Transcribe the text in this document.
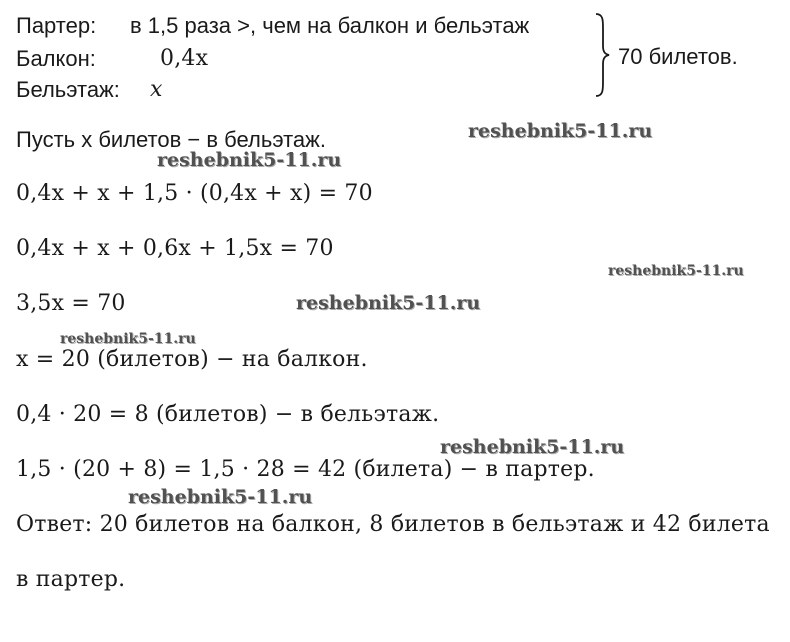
Партер: в 1,5 раза >, чем на балкон и бельэтаж
Балкон:	0,4x
Бельэтаж: x
70 билетов.
Пусть x билетов − в бельэтаж.
0,4x + x + 1,5 · (0,4x + x) = 70
0,4x + x + 0,6x + 1,5x = 70
3,5x = 70
x = 20 (билетов) − на балкон.
0,4 · 20 = 8 (билетов) − в бельэтаж.
1,5 · (20 + 8) = 1,5 · 28 = 42 (билета) − в партер.
Ответ: 20 билетов на балкон, 8 билетов в бельэтаж и 42 билета
в партер.
reshebnik5-11.ru
reshebnik5-11.ru
reshebnik5-11.ru
reshebnik5-11.ru
reshebnik5-11.ru
reshebnik5-11.ru
reshebnik5-11.ru
